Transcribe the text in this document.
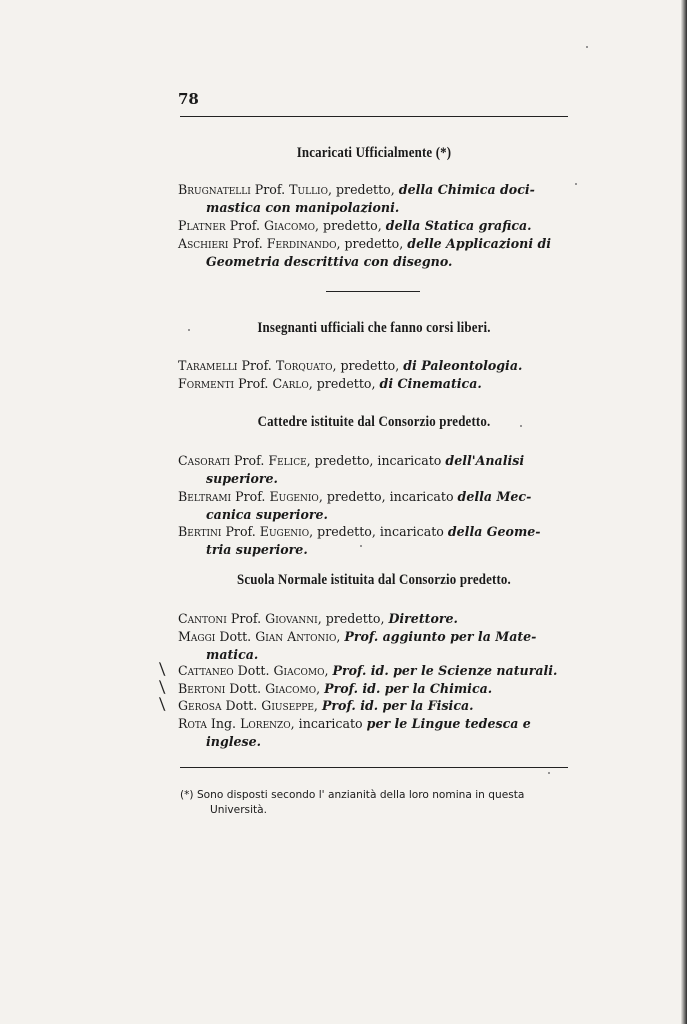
78
Incaricati Ufficialmente (*)
Brugnatelli Prof. Tullio, predetto, della Chimica doci-
mastica con manipolazioni.
Platner Prof. Giacomo, predetto, della Statica grafica.
Aschieri Prof. Ferdinando, predetto, delle Applicazioni di
Geometria descrittiva con disegno.
Insegnanti ufficiali che fanno corsi liberi.
Taramelli Prof. Torquato, predetto, di Paleontologia.
Formenti Prof. Carlo, predetto, di Cinematica.
Cattedre istituite dal Consorzio predetto.
Casorati Prof. Felice, predetto, incaricato dell'Analisi
superiore.
Beltrami Prof. Eugenio, predetto, incaricato della Mec-
canica superiore.
Bertini Prof. Eugenio, predetto, incaricato della Geome-
tria superiore.
Scuola Normale istituita dal Consorzio predetto.
Cantoni Prof. Giovanni, predetto, Direttore.
Maggi Dott. Gian Antonio, Prof. aggiunto per la Mate-
matica.
⟍ Cattaneo Dott. Giacomo, Prof. id. per le Scienze naturali.
⟍ Bertoni Dott. Giacomo, Prof. id. per la Chimica.
⟍ Gerosa Dott. Giuseppe, Prof. id. per la Fisica.
Rota Ing. Lorenzo, incaricato per le Lingue tedesca e
inglese.
(*) Sono disposti secondo l' anzianità della loro nomina in questa
Università.
